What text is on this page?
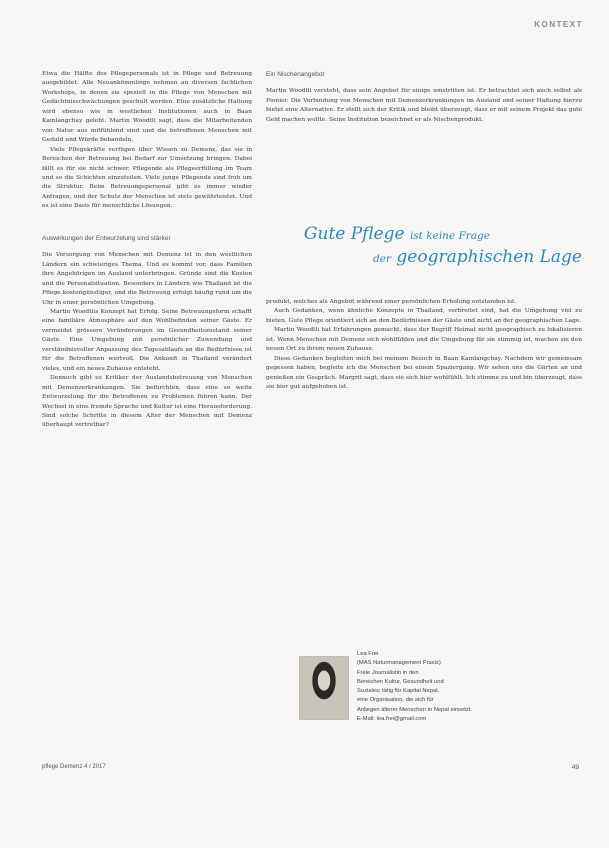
KONTEXT

Etwa die Hälfte des Pflegepersonals ist in Pflege und Betreuung ausgebildet. Alle Neuankömmlinge nehmen an diversen fachlichen Workshops, in denen sie speziell in die Pflege von Menschen mit Gedächtnisschwächungen geschult werden. Eine zusätzliche Haltung wird ebenso wie in westlichen Institutionen auch in Baan Kamlangchay gelebt. Martin Woodtli sagt, dass die Mitarbeitenden von Natur aus mitfühlend sind und die betroffenen Menschen mit Geduld und Würde behandeln.

Viele Pflegekräfte verfügen über Wissen zu Demenz, das sie in Bereichen der Betreuung bei Bedarf zur Umsetzung bringen. Dabei fällt es für sie nicht schwer, Pflegende als Pflegeerfüllung im Team und so die Schichten einzuteilen. Viele junge Pflegende sind froh um die Struktur. Beim Betreuungspersonal gibt es immer wieder Anfragen, und der Schutz der Menschen ist stets gewährleistet. Und es ist eine Basis für menschliche Lösungen.

Auswirkungen der Entwurzelung sind stärker

Die Versorgung von Menschen mit Demenz ist in den westlichen Ländern ein schwieriges Thema. Und es kommt vor, dass Familien ihre Angehörigen im Ausland unterbringen. Gründe sind die Kosten und die Personalsituation. Besonders in Ländern wie Thailand ist die Pflege kostengünstiger, und die Betreuung erfolgt häufig rund um die Uhr in einer persönlichen Umgebung.

Martin Woodtlis Konzept hat Erfolg. Seine Betreuungsform schafft eine familiäre Atmosphäre auf den Wohlbefinden seiner Gäste. Er vermeidet grössere Veränderungen im Gesundheitszustand seiner Gäste. Eine Umgebung mit persönlicher Zuwendung und verständnisvoller Anpassung des Tagesablaufs an die Bedürfnisse ist für die Betroffenen wertvoll. Die Ankunft in Thailand verändert vieles, und ein neues Zuhause entsteht.

Dennoch gibt es Kritiker der Auslandsbetreuung von Menschen mit Demenzerkrankungen. Sie befürchten, dass eine so weite Entwurzelung für die Betroffenen zu Problemen führen kann. Der Wechsel in eine fremde Sprache und Kultur ist eine Herausforderung. Sind solche Schritte in diesem Alter der Menschen mit Demenz überhaupt vertretbar?

Ein Nischenangebot

Martin Woodtli versteht, dass sein Angebot für einige umstritten ist. Er betrachtet sich auch selbst als Pionier. Die Verbindung von Menschen mit Demenzerkrankungen im Ausland und seiner Haltung hierzu bietet eine Alternative. Er stellt sich der Kritik und bleibt überzeugt, dass er mit seinem Projekt das gute Geld machen wollte. Seine Institution bezeichnet er als Nischenprodukt.

Gute Pflege ist keine Frage
der geographischen Lage

produkt, welches als Angebot während einer persönlichen Erholung entstanden ist.

Auch Gedanken, wenn ähnliche Konzepte in Thailand, verbreitet sind, hat die Umgebung viel zu bieten. Gute Pflege orientiert sich an den Bedürfnissen der Gäste und nicht an der geographischen Lage.

Martin Woodtli hat Erfahrungen gemacht, dass der Begriff Heimat nicht geographisch zu lokalisieren ist. Wenn Menschen mit Demenz sich wohlfühlen und die Umgebung für sie stimmig ist, machen sie den neuen Ort zu ihrem neuen Zuhause.

Diese Gedanken begleiten mich bei meinem Besuch in Baan Kamlangchay. Nachdem wir gemeinsam gegessen haben, begleite ich die Menschen bei einem Spaziergang. Wir sehen uns die Gärten an und genießen ein Gespräch. Margrit sagt, dass sie sich hier wohlfühlt. Ich stimme zu und bin überzeugt, dass sie hier gut aufgehoben ist.

Lea Frei
(MAS Naturmanagement Praxis)
Freie Journalistin in den
Bereichen Kultur, Gesundheit und
Soziales; tätig für Kapital Nepal,
eine Organisation, die sich für
Anliegen älterer Menschen in Nepal einsetzt.
E-Mail: lea.frei@gmail.com
pflege Demenz 4 / 2017	49
